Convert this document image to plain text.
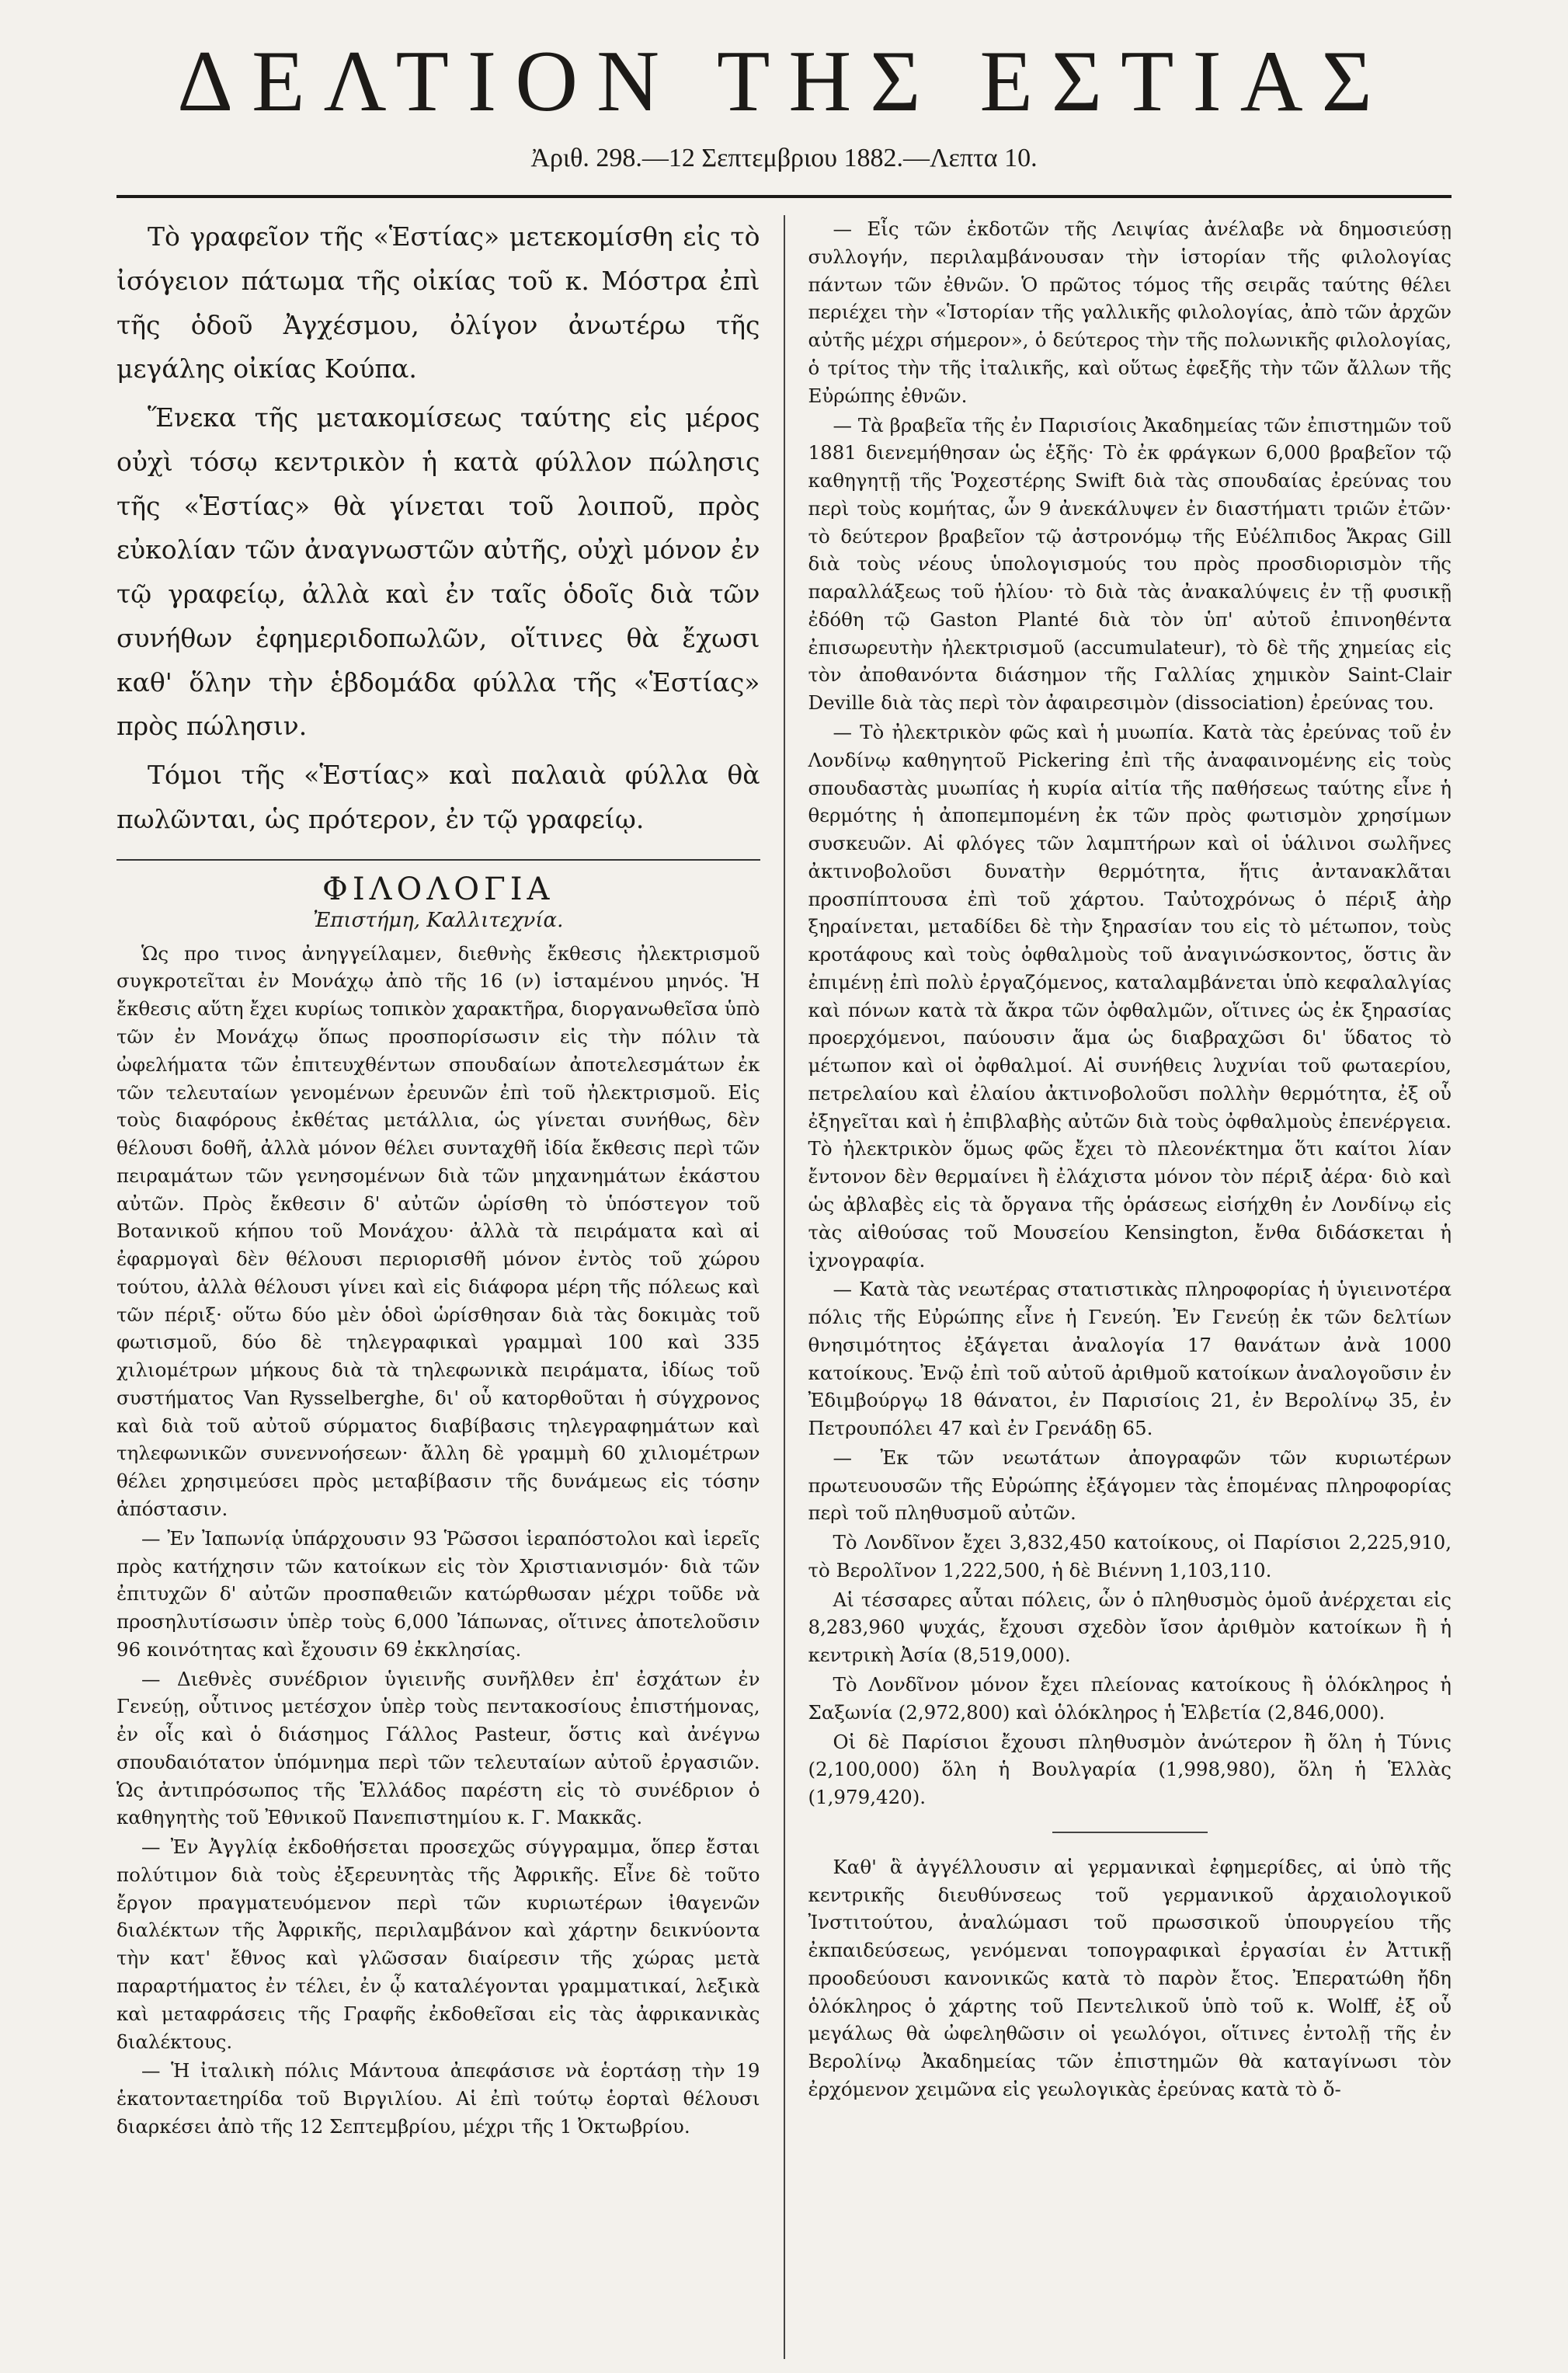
ΔΕΛΤΙΟΝ ΤΗΣ ΕΣΤΙΑΣ
Ἀριθ. 298.—12 Σεπτεμβριου 1882.—Λεπτα 10.

Τὸ γραφεῖον τῆς «Ἑστίας» μετεκομίσθη εἰς τὸ ἰσόγειον πάτωμα τῆς οἰκίας τοῦ κ. Μόστρα ἐπὶ τῆς ὁδοῦ Ἀγχέσμου, ὀλίγον ἀνωτέρω τῆς μεγάλης οἰκίας Κούπα.

Ἕνεκα τῆς μετακομίσεως ταύτης εἰς μέρος οὐχὶ τόσῳ κεντρικὸν ἡ κατὰ φύλλον πώλησις τῆς «Ἑστίας» θὰ γίνεται τοῦ λοιποῦ, πρὸς εὐκολίαν τῶν ἀναγνωστῶν αὐτῆς, οὐχὶ μόνον ἐν τῷ γραφείῳ, ἀλλὰ καὶ ἐν ταῖς ὁδοῖς διὰ τῶν συνήθων ἐφημεριδοπωλῶν, οἵτινες θὰ ἔχωσι καθ' ὅλην τὴν ἑβδομάδα φύλλα τῆς «Ἑστίας» πρὸς πώλησιν.

Τόμοι τῆς «Ἑστίας» καὶ παλαιὰ φύλλα θὰ πωλῶνται, ὡς πρότερον, ἐν τῷ γραφείῳ.

ΦΙΛΟΛΟΓΙΑ
Ἐπιστήμη, Καλλιτεχνία.

Ὡς προ τινος ἀνηγγείλαμεν, διεθνὴς ἔκθεσις ἠλεκτρισμοῦ συγκροτεῖται ἐν Μονάχῳ ἀπὸ τῆς 16 (ν) ἱσταμένου μηνός. Ἡ ἔκθεσις αὕτη ἔχει κυρίως τοπικὸν χαρακτῆρα, διοργανωθεῖσα ὑπὸ τῶν ἐν Μονάχῳ ὅπως προσπορίσωσιν εἰς τὴν πόλιν τὰ ὠφελήματα τῶν ἐπιτευχθέντων σπουδαίων ἀποτελεσμάτων ἐκ τῶν τελευταίων γενομένων ἐρευνῶν ἐπὶ τοῦ ἠλεκτρισμοῦ. Εἰς τοὺς διαφόρους ἐκθέτας μετάλλια, ὡς γίνεται συνήθως, δὲν θέλουσι δοθῆ, ἀλλὰ μόνον θέλει συνταχθῆ ἰδία ἔκθεσις περὶ τῶν πειραμάτων τῶν γενησομένων διὰ τῶν μηχανημάτων ἑκάστου αὐτῶν. Πρὸς ἔκθεσιν δ' αὐτῶν ὡρίσθη τὸ ὑπόστεγον τοῦ Βοτανικοῦ κήπου τοῦ Μονάχου· ἀλλὰ τὰ πειράματα καὶ αἱ ἐφαρμογαὶ δὲν θέλουσι περιορισθῆ μόνον ἐντὸς τοῦ χώρου τούτου, ἀλλὰ θέλουσι γίνει καὶ εἰς διάφορα μέρη τῆς πόλεως καὶ τῶν πέριξ· οὕτω δύο μὲν ὁδοὶ ὡρίσθησαν διὰ τὰς δοκιμὰς τοῦ φωτισμοῦ, δύο δὲ τηλεγραφικαὶ γραμμαὶ 100 καὶ 335 χιλιομέτρων μήκους διὰ τὰ τηλεφωνικὰ πειράματα, ἰδίως τοῦ συστήματος Van Rysselberghe, δι' οὗ κατορθοῦται ἡ σύγχρονος καὶ διὰ τοῦ αὐτοῦ σύρματος διαβίβασις τηλεγραφημάτων καὶ τηλεφωνικῶν συνεννοήσεων· ἄλλη δὲ γραμμὴ 60 χιλιομέτρων θέλει χρησιμεύσει πρὸς μεταβίβασιν τῆς δυνάμεως εἰς τόσην ἀπόστασιν.

— Ἐν Ἰαπωνίᾳ ὑπάρχουσιν 93 Ῥῶσσοι ἱεραπόστολοι καὶ ἱερεῖς πρὸς κατήχησιν τῶν κατοίκων εἰς τὸν Χριστιανισμόν· διὰ τῶν ἐπιτυχῶν δ' αὐτῶν προσπαθειῶν κατώρθωσαν μέχρι τοῦδε νὰ προσηλυτίσωσιν ὑπὲρ τοὺς 6,000 Ἰάπωνας, οἵτινες ἀποτελοῦσιν 96 κοινότητας καὶ ἔχουσιν 69 ἐκκλησίας.

— Διεθνὲς συνέδριον ὑγιεινῆς συνῆλθεν ἐπ' ἐσχάτων ἐν Γενεύῃ, οὗτινος μετέσχον ὑπὲρ τοὺς πεντακοσίους ἐπιστήμονας, ἐν οἷς καὶ ὁ διάσημος Γάλλος Pasteur, ὅστις καὶ ἀνέγνω σπουδαιότατον ὑπόμνημα περὶ τῶν τελευταίων αὐτοῦ ἐργασιῶν. Ὡς ἀντιπρόσωπος τῆς Ἑλλάδος παρέστη εἰς τὸ συνέδριον ὁ καθηγητὴς τοῦ Ἐθνικοῦ Πανεπιστημίου κ. Γ. Μακκᾶς.

— Ἐν Ἀγγλίᾳ ἐκδοθήσεται προσεχῶς σύγγραμμα, ὅπερ ἔσται πολύτιμον διὰ τοὺς ἐξερευνητὰς τῆς Ἀφρικῆς. Εἶνε δὲ τοῦτο ἔργον πραγματευόμενον περὶ τῶν κυριωτέρων ἰθαγενῶν διαλέκτων τῆς Ἀφρικῆς, περιλαμβάνον καὶ χάρτην δεικνύοντα τὴν κατ' ἔθνος καὶ γλῶσσαν διαίρεσιν τῆς χώρας μετὰ παραρτήματος ἐν τέλει, ἐν ᾧ καταλέγονται γραμματικαί, λεξικὰ καὶ μεταφράσεις τῆς Γραφῆς ἐκδοθεῖσαι εἰς τὰς ἀφρικανικὰς διαλέκτους.

— Ἡ ἰταλικὴ πόλις Μάντουα ἀπεφάσισε νὰ ἑορτάσῃ τὴν 19 ἑκατονταετηρίδα τοῦ Βιργιλίου. Αἱ ἐπὶ τούτῳ ἑορταὶ θέλουσι διαρκέσει ἀπὸ τῆς 12 Σεπτεμβρίου, μέχρι τῆς 1 Ὀκτωβρίου.

— Εἷς τῶν ἐκδοτῶν τῆς Λειψίας ἀνέλαβε νὰ δημοσιεύσῃ συλλογήν, περιλαμβάνουσαν τὴν ἱστορίαν τῆς φιλολογίας πάντων τῶν ἐθνῶν. Ὁ πρῶτος τόμος τῆς σειρᾶς ταύτης θέλει περιέχει τὴν «Ἱστορίαν τῆς γαλλικῆς φιλολογίας, ἀπὸ τῶν ἀρχῶν αὐτῆς μέχρι σήμερον», ὁ δεύτερος τὴν τῆς πολωνικῆς φιλολογίας, ὁ τρίτος τὴν τῆς ἰταλικῆς, καὶ οὕτως ἐφεξῆς τὴν τῶν ἄλλων τῆς Εὐρώπης ἐθνῶν.

— Τὰ βραβεῖα τῆς ἐν Παρισίοις Ἀκαδημείας τῶν ἐπιστημῶν τοῦ 1881 διενεμήθησαν ὡς ἑξῆς· Τὸ ἐκ φράγκων 6,000 βραβεῖον τῷ καθηγητῇ τῆς Ῥοχεστέρης Swift διὰ τὰς σπουδαίας ἐρεύνας του περὶ τοὺς κομήτας, ὧν 9 ἀνεκάλυψεν ἐν διαστήματι τριῶν ἐτῶν· τὸ δεύτερον βραβεῖον τῷ ἀστρονόμῳ τῆς Εὐέλπιδος Ἄκρας Gill διὰ τοὺς νέους ὑπολογισμούς του πρὸς προσδιορισμὸν τῆς παραλλάξεως τοῦ ἡλίου· τὸ διὰ τὰς ἀνακαλύψεις ἐν τῇ φυσικῇ ἐδόθη τῷ Gaston Planté διὰ τὸν ὑπ' αὐτοῦ ἐπινοηθέντα ἐπισωρευτὴν ἠλεκτρισμοῦ (accumulateur), τὸ δὲ τῆς χημείας εἰς τὸν ἀποθανόντα διάσημον τῆς Γαλλίας χημικὸν Saint-Clair Deville διὰ τὰς περὶ τὸν ἀφαιρεσιμὸν (dissociation) ἐρεύνας του.

— Τὸ ἠλεκτρικὸν φῶς καὶ ἡ μυωπία. Κατὰ τὰς ἐρεύνας τοῦ ἐν Λονδίνῳ καθηγητοῦ Pickering ἐπὶ τῆς ἀναφαινομένης εἰς τοὺς σπουδαστὰς μυωπίας ἡ κυρία αἰτία τῆς παθήσεως ταύτης εἶνε ἡ θερμότης ἡ ἀποπεμπομένη ἐκ τῶν πρὸς φωτισμὸν χρησίμων συσκευῶν. Αἱ φλόγες τῶν λαμπτήρων καὶ οἱ ὑάλινοι σωλῆνες ἀκτινοβολοῦσι δυνατὴν θερμότητα, ἥτις ἀντανακλᾶται προσπίπτουσα ἐπὶ τοῦ χάρτου. Ταὐτοχρόνως ὁ πέριξ ἀὴρ ξηραίνεται, μεταδίδει δὲ τὴν ξηρασίαν του εἰς τὸ μέτωπον, τοὺς κροτάφους καὶ τοὺς ὀφθαλμοὺς τοῦ ἀναγινώσκοντος, ὅστις ἂν ἐπιμένῃ ἐπὶ πολὺ ἐργαζόμενος, καταλαμβάνεται ὑπὸ κεφαλαλγίας καὶ πόνων κατὰ τὰ ἄκρα τῶν ὀφθαλμῶν, οἵτινες ὡς ἐκ ξηρασίας προερχόμενοι, παύουσιν ἅμα ὡς διαβραχῶσι δι' ὕδατος τὸ μέτωπον καὶ οἱ ὀφθαλμοί. Αἱ συνήθεις λυχνίαι τοῦ φωταερίου, πετρελαίου καὶ ἐλαίου ἀκτινοβολοῦσι πολλὴν θερμότητα, ἐξ οὗ ἐξηγεῖται καὶ ἡ ἐπιβλαβὴς αὐτῶν διὰ τοὺς ὀφθαλμοὺς ἐπενέργεια. Τὸ ἠλεκτρικὸν ὅμως φῶς ἔχει τὸ πλεονέκτημα ὅτι καίτοι λίαν ἔντονον δὲν θερμαίνει ἢ ἐλάχιστα μόνον τὸν πέριξ ἀέρα· διὸ καὶ ὡς ἀβλαβὲς εἰς τὰ ὄργανα τῆς ὁράσεως εἰσήχθη ἐν Λονδίνῳ εἰς τὰς αἰθούσας τοῦ Μουσείου Kensington, ἔνθα διδάσκεται ἡ ἰχνογραφία.

— Κατὰ τὰς νεωτέρας στατιστικὰς πληροφορίας ἡ ὑγιεινοτέρα πόλις τῆς Εὐρώπης εἶνε ἡ Γενεύη. Ἐν Γενεύῃ ἐκ τῶν δελτίων θνησιμότητος ἐξάγεται ἀναλογία 17 θανάτων ἀνὰ 1000 κατοίκους. Ἐνῷ ἐπὶ τοῦ αὐτοῦ ἀριθμοῦ κατοίκων ἀναλογοῦσιν ἐν Ἐδιμβούργῳ 18 θάνατοι, ἐν Παρισίοις 21, ἐν Βερολίνῳ 35, ἐν Πετρουπόλει 47 καὶ ἐν Γρενάδῃ 65.

— Ἐκ τῶν νεωτάτων ἀπογραφῶν τῶν κυριωτέρων πρωτευουσῶν τῆς Εὐρώπης ἐξάγομεν τὰς ἑπομένας πληροφορίας περὶ τοῦ πληθυσμοῦ αὐτῶν.

Τὸ Λονδῖνον ἔχει 3,832,450 κατοίκους, οἱ Παρίσιοι 2,225,910, τὸ Βερολῖνον 1,222,500, ἡ δὲ Βιέννη 1,103,110.

Αἱ τέσσαρες αὗται πόλεις, ὧν ὁ πληθυσμὸς ὁμοῦ ἀνέρχεται εἰς 8,283,960 ψυχάς, ἔχουσι σχεδὸν ἴσον ἀριθμὸν κατοίκων ἢ ἡ κεντρικὴ Ἀσία (8,519,000).

Τὸ Λονδῖνον μόνον ἔχει πλείονας κατοίκους ἢ ὁλόκληρος ἡ Σαξωνία (2,972,800) καὶ ὁλόκληρος ἡ Ἑλβετία (2,846,000).

Οἱ δὲ Παρίσιοι ἔχουσι πληθυσμὸν ἀνώτερον ἢ ὅλη ἡ Τύνις (2,100,000) ὅλη ἡ Βουλγαρία (1,998,980), ὅλη ἡ Ἑλλὰς (1,979,420).

Καθ' ἃ ἀγγέλλουσιν αἱ γερμανικαὶ ἐφημερίδες, αἱ ὑπὸ τῆς κεντρικῆς διευθύνσεως τοῦ γερμανικοῦ ἀρχαιολογικοῦ Ἰνστιτούτου, ἀναλώμασι τοῦ πρωσσικοῦ ὑπουργείου τῆς ἐκπαιδεύσεως, γενόμεναι τοπογραφικαὶ ἐργασίαι ἐν Ἀττικῇ προοδεύουσι κανονικῶς κατὰ τὸ παρὸν ἔτος. Ἐπερατώθη ἤδη ὁλόκληρος ὁ χάρτης τοῦ Πεντελικοῦ ὑπὸ τοῦ κ. Wolff, ἐξ οὗ μεγάλως θὰ ὠφεληθῶσιν οἱ γεωλόγοι, οἵτινες ἐντολῇ τῆς ἐν Βερολίνῳ Ἀκαδημείας τῶν ἐπιστημῶν θὰ καταγίνωσι τὸν ἐρχόμενον χειμῶνα εἰς γεωλογικὰς ἐρεύνας κατὰ τὸ ὄ-
